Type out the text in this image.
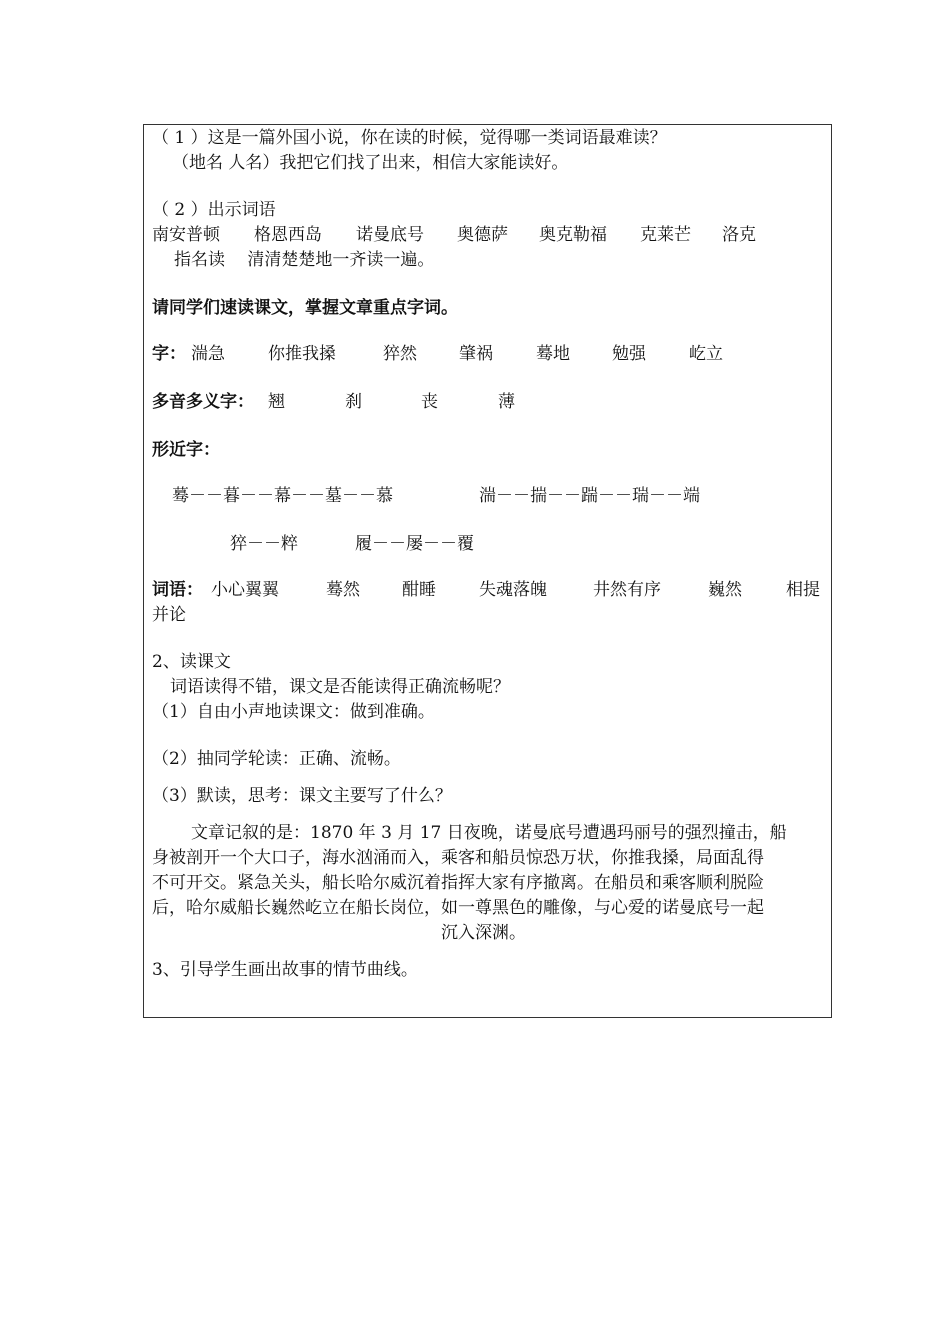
（ 1 ）这是一篇外国小说，你在读的时候，觉得哪一类词语最难读？
（地名 人名）我把它们找了出来，相信大家能读好。
（ 2 ）出示词语
南安普顿 格恩西岛 诺曼底号 奥德萨 奥克勒福 克莱芒 洛克
指名读　 清清楚楚地一齐读一遍。
请同学们速读课文，掌握文章重点字词。
字： 湍急	你推我搡	猝然 肇祸	蓦地 勉强	屹立
多音多义字： 翘	刹	丧	薄
形近字：
蓦－－暮－－幕－－墓－－慕	湍－－揣－－踹－－瑞－－端
猝－－粹	履－－屡－－覆
词语： 小心翼翼	蓦然 酣睡	失魂落魄	井然有序	巍然	相提
并论
2、读课文
词语读得不错，课文是否能读得正确流畅呢？
（1）自由小声地读课文：做到准确。
（2）抽同学轮读：正确、流畅。
（3）默读，思考：课文主要写了什么？
文章记叙的是：1870 年 3 月 17 日夜晚，诺曼底号遭遇玛丽号的强烈撞击，船
身被剖开一个大口子，海水汹涌而入，乘客和船员惊恐万状，你推我搡，局面乱得
不可开交。紧急关头，船长哈尔威沉着指挥大家有序撤离。在船员和乘客顺利脱险
后，哈尔威船长巍然屹立在船长岗位，如一尊黑色的雕像，与心爱的诺曼底号一起
沉入深渊。
3、引导学生画出故事的情节曲线。
